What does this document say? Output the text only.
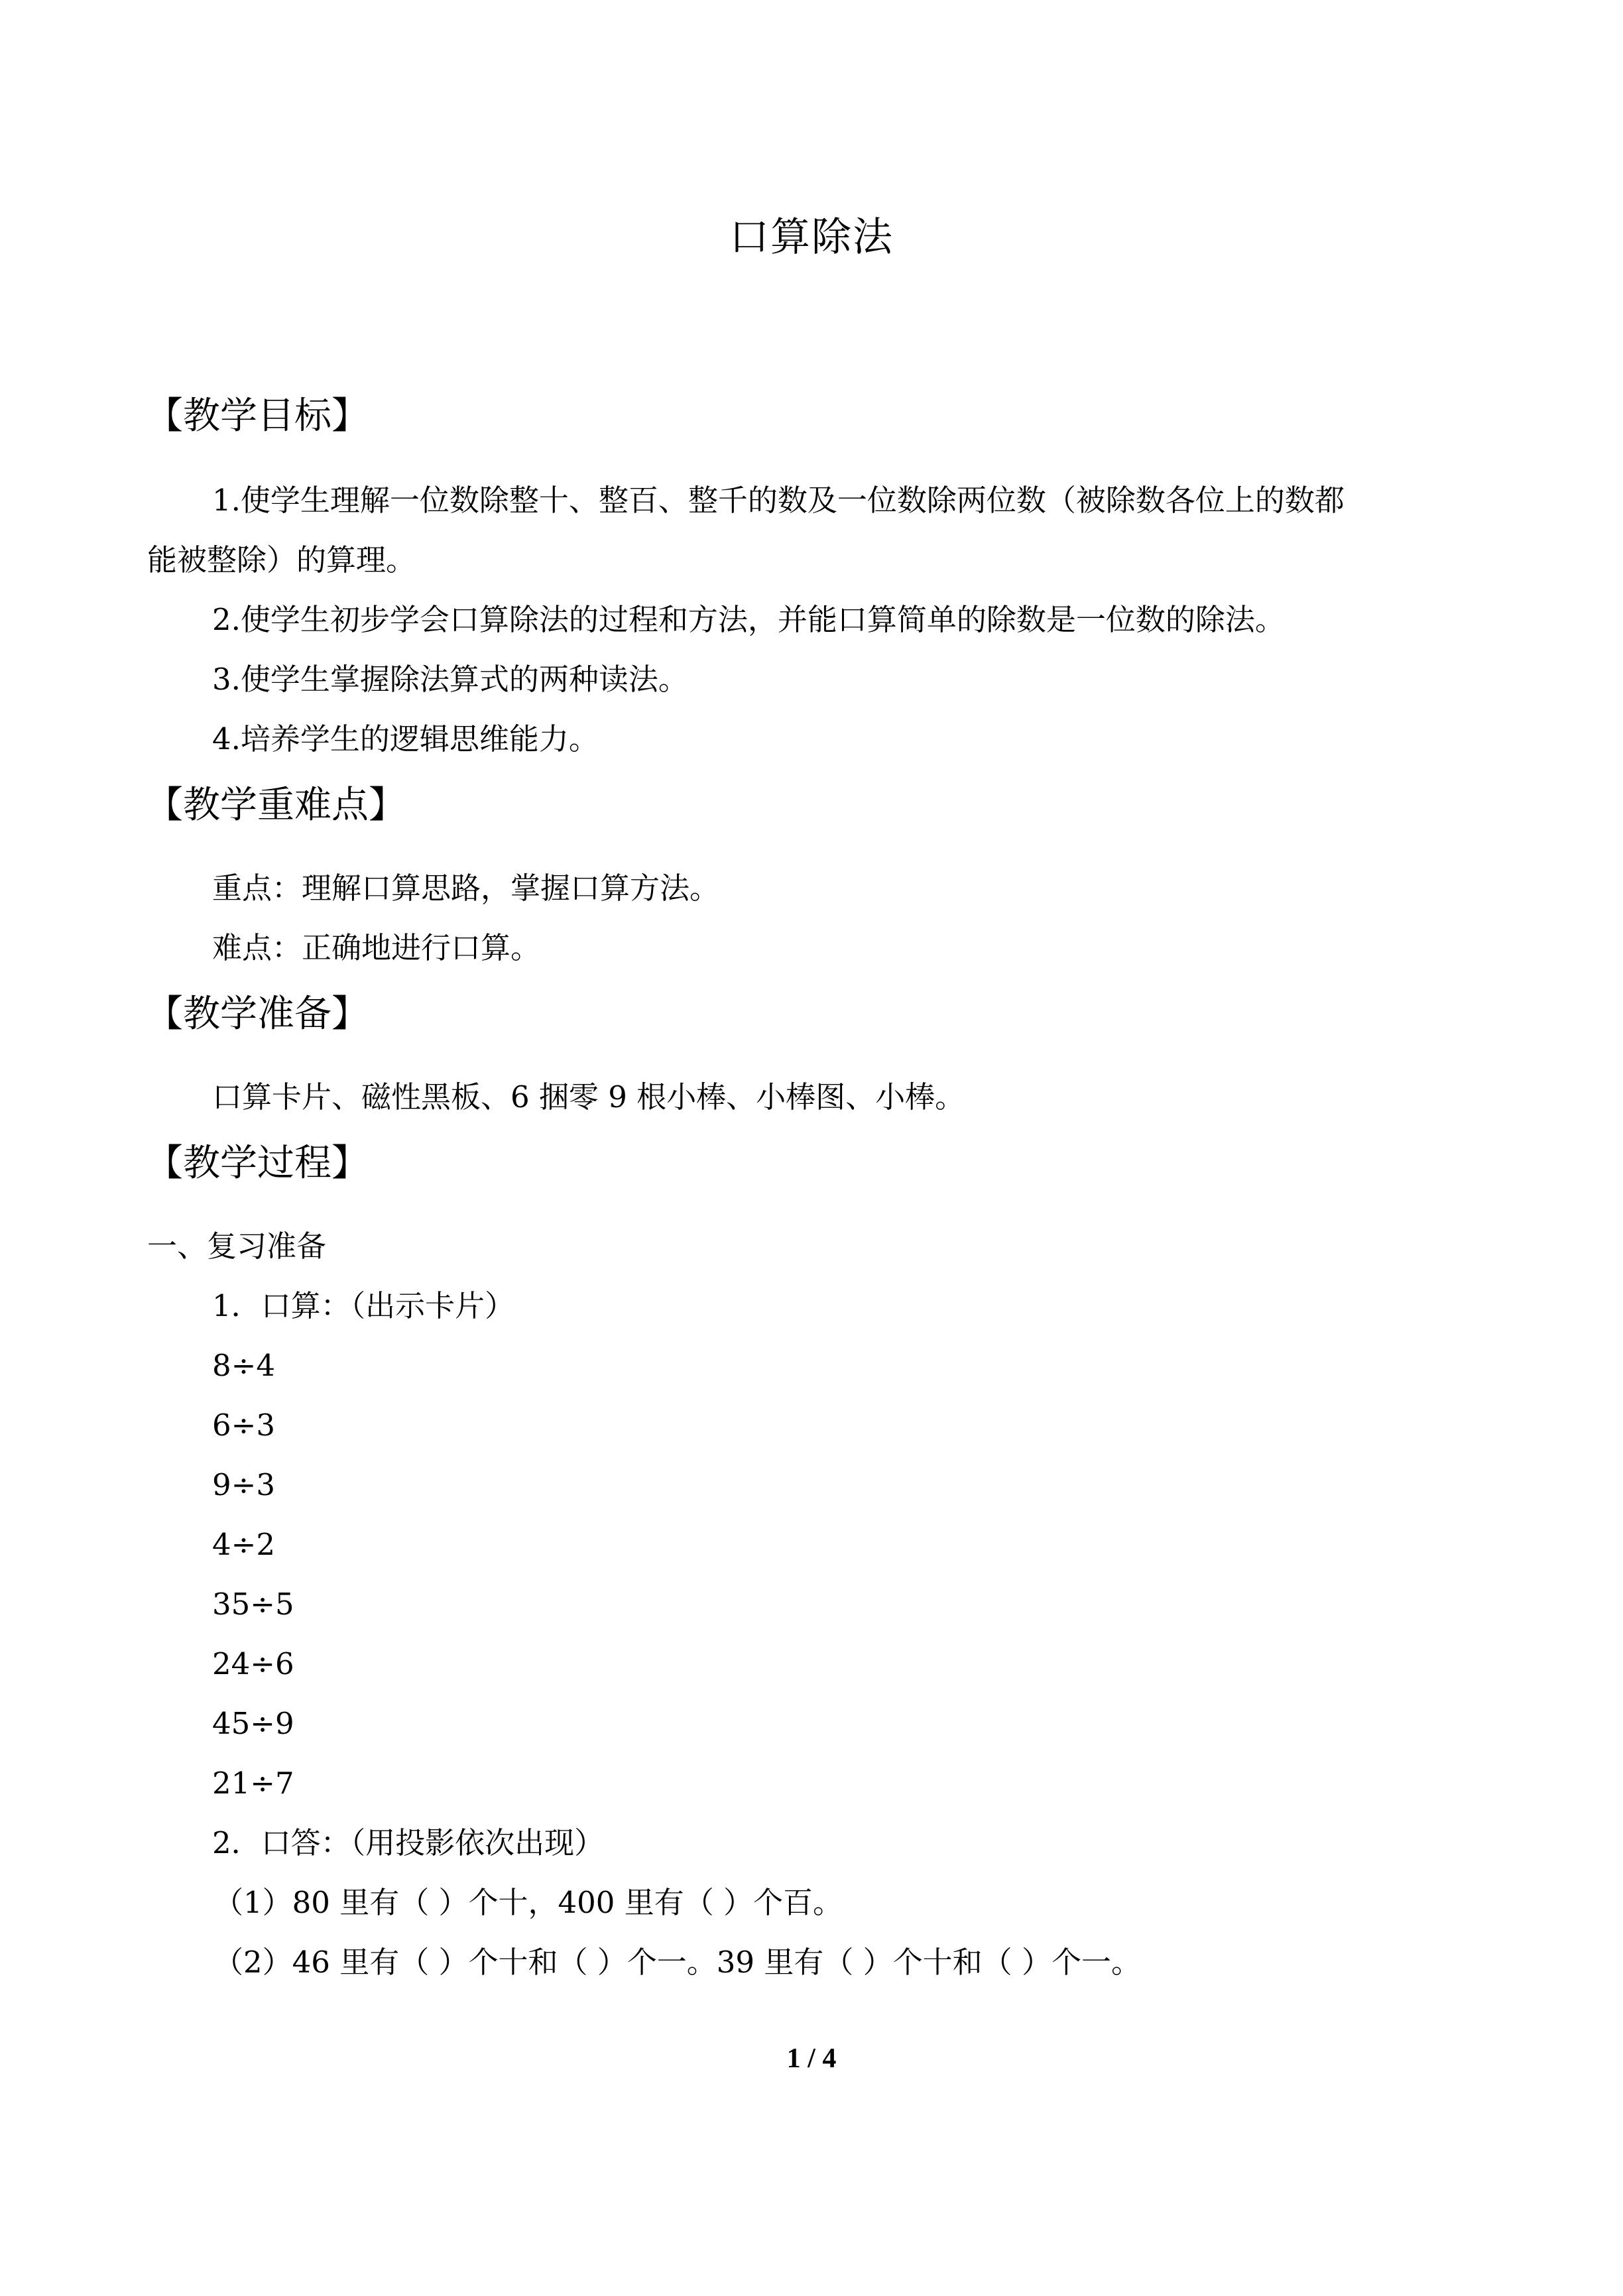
口算除法
【教学目标】
1.使学生理解一位数除整十、整百、整千的数及一位数除两位数（被除数各位上的数都
能被整除）的算理。
2.使学生初步学会口算除法的过程和方法，并能口算简单的除数是一位数的除法。
3.使学生掌握除法算式的两种读法。
4.培养学生的逻辑思维能力。
【教学重难点】
重点：理解口算思路，掌握口算方法。
难点：正确地进行口算。
【教学准备】
口算卡片、磁性黑板、6 捆零 9 根小棒、小棒图、小棒。
【教学过程】
一、复习准备
1．口算：（出示卡片）
8÷4
6÷3
9÷3
4÷2
35÷5
24÷6
45÷9
21÷7
2．口答：（用投影依次出现）
（1）80 里有（ ）个十，400 里有（ ）个百。
（2）46 里有（ ）个十和（ ）个一。39 里有（ ）个十和（ ）个一。
1 / 4
